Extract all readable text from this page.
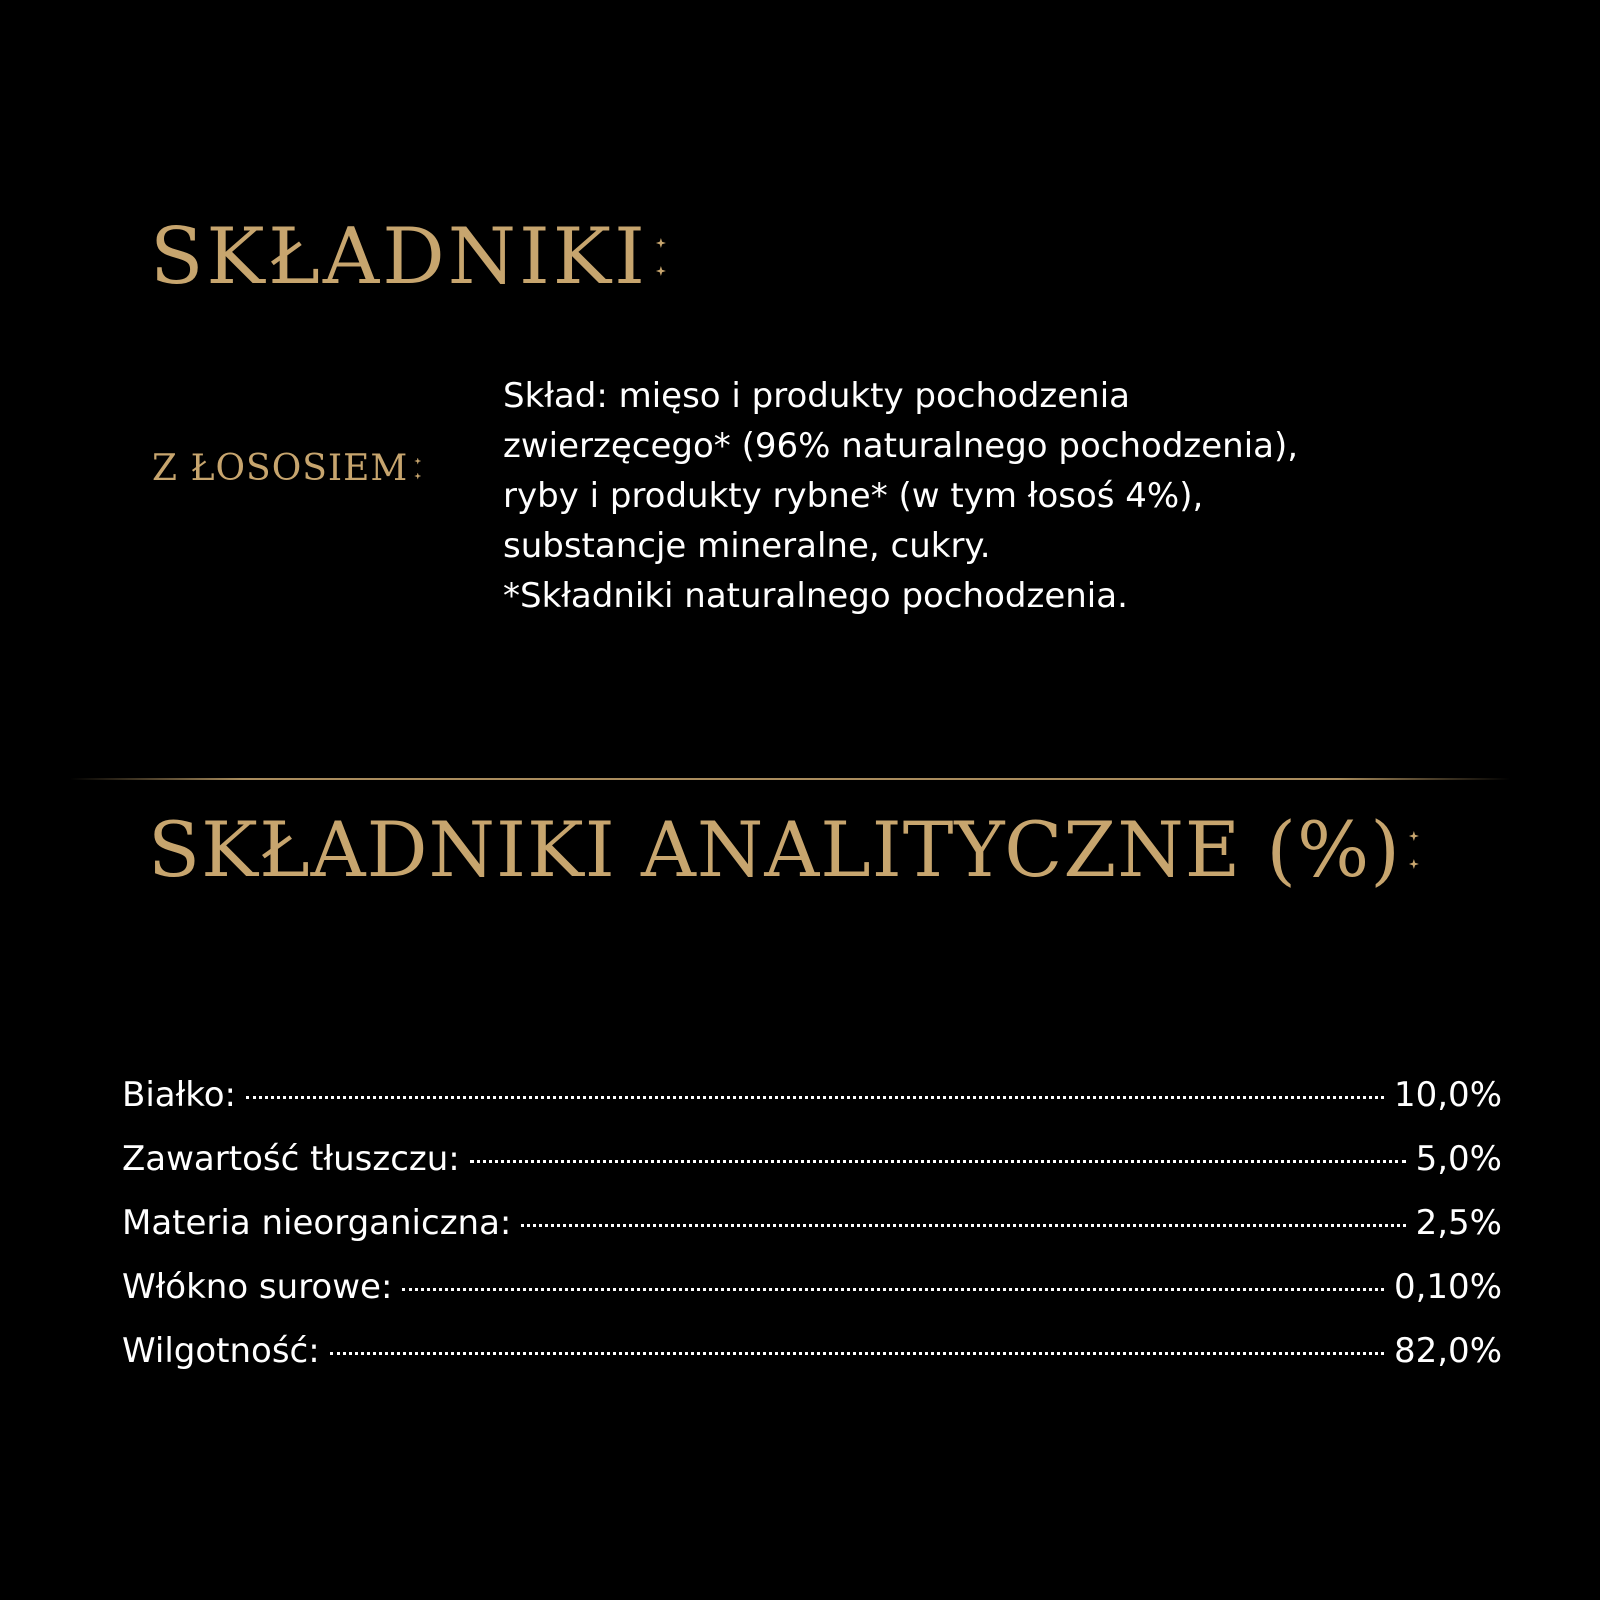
SKŁADNIKI
Z ŁOSOSIEM
Skład: mięso i produkty pochodzenia
zwierzęcego* (96% naturalnego pochodzenia),
ryby i produkty rybne* (w tym łosoś 4%),
substancje mineralne, cukry.
*Składniki naturalnego pochodzenia.
SKŁADNIKI ANALITYCZNE (%)
Białko:	10,0%
Zawartość tłuszczu:	5,0%
Materia nieorganiczna:	2,5%
Włókno surowe:	0,10%
Wilgotność:	82,0%
